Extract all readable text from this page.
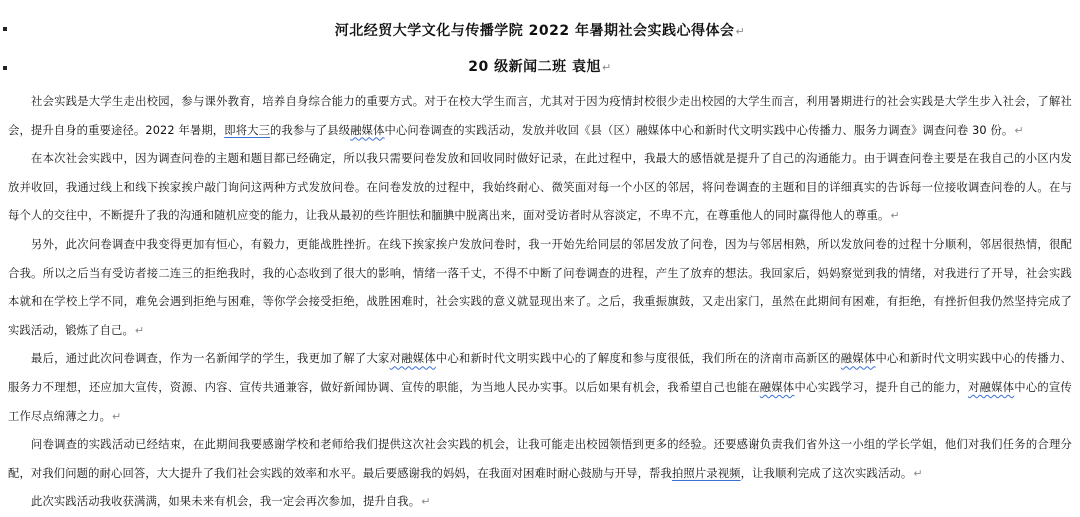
河北经贸大学文化与传播学院 2022 年暑期社会实践心得体会↵
20 级新闻二班 袁旭↵

社会实践是大学生走出校园，参与课外教育，培养自身综合能力的重要方式。对于在校大学生而言，尤其对于因为疫情封校很少走出校园的大学生而言，利用暑期进行的社会实践是大学生步入社会，了解社会，提升自身的重要途径。2022 年暑期，即将大三的我参与了县级融媒体中心问卷调查的实践活动，发放并收回《县（区）融媒体中心和新时代文明实践中心传播力、服务力调查》调查问卷 30 份。↵

在本次社会实践中，因为调查问卷的主题和题目都已经确定，所以我只需要问卷发放和回收同时做好记录，在此过程中，我最大的感悟就是提升了自己的沟通能力。由于调查问卷主要是在我自己的小区内发放并收回，我通过线上和线下挨家挨户敲门询问这两种方式发放问卷。在问卷发放的过程中，我始终耐心、微笑面对每一个小区的邻居，将问卷调查的主题和目的详细真实的告诉每一位接收调查问卷的人。在与每个人的交往中，不断提升了我的沟通和随机应变的能力，让我从最初的些许胆怯和腼腆中脱离出来，面对受访者时从容淡定，不卑不亢，在尊重他人的同时赢得他人的尊重。↵

另外，此次问卷调查中我变得更加有恒心，有毅力，更能战胜挫折。在线下挨家挨户发放问卷时，我一开始先给同层的邻居发放了问卷，因为与邻居相熟，所以发放问卷的过程十分顺利，邻居很热情，很配合我。所以之后当有受访者接二连三的拒绝我时，我的心态收到了很大的影响，情绪一落千丈，不得不中断了问卷调查的进程，产生了放弃的想法。我回家后，妈妈察觉到我的情绪，对我进行了开导，社会实践本就和在学校上学不同，难免会遇到拒绝与困难，等你学会接受拒绝，战胜困难时，社会实践的意义就显现出来了。之后，我重振旗鼓，又走出家门，虽然在此期间有困难，有拒绝，有挫折但我仍然坚持完成了实践活动，锻炼了自己。↵

最后，通过此次问卷调查，作为一名新闻学的学生，我更加了解了大家对融媒体中心和新时代文明实践中心的了解度和参与度很低，我们所在的济南市高新区的融媒体中心和新时代文明实践中心的传播力、服务力不理想，还应加大宣传，资源、内容、宣传共通兼容，做好新闻协调、宣传的职能，为当地人民办实事。以后如果有机会，我希望自己也能在融媒体中心实践学习，提升自己的能力，对融媒体中心的宣传工作尽点绵薄之力。↵

问卷调查的实践活动已经结束，在此期间我要感谢学校和老师给我们提供这次社会实践的机会，让我可能走出校园领悟到更多的经验。还要感谢负责我们省外这一小组的学长学姐，他们对我们任务的合理分配，对我们问题的耐心回答，大大提升了我们社会实践的效率和水平。最后要感谢我的妈妈，在我面对困难时耐心鼓励与开导，帮我拍照片录视频，让我顺利完成了这次实践活动。↵

此次实践活动我收获满满，如果未来有机会，我一定会再次参加，提升自我。↵
